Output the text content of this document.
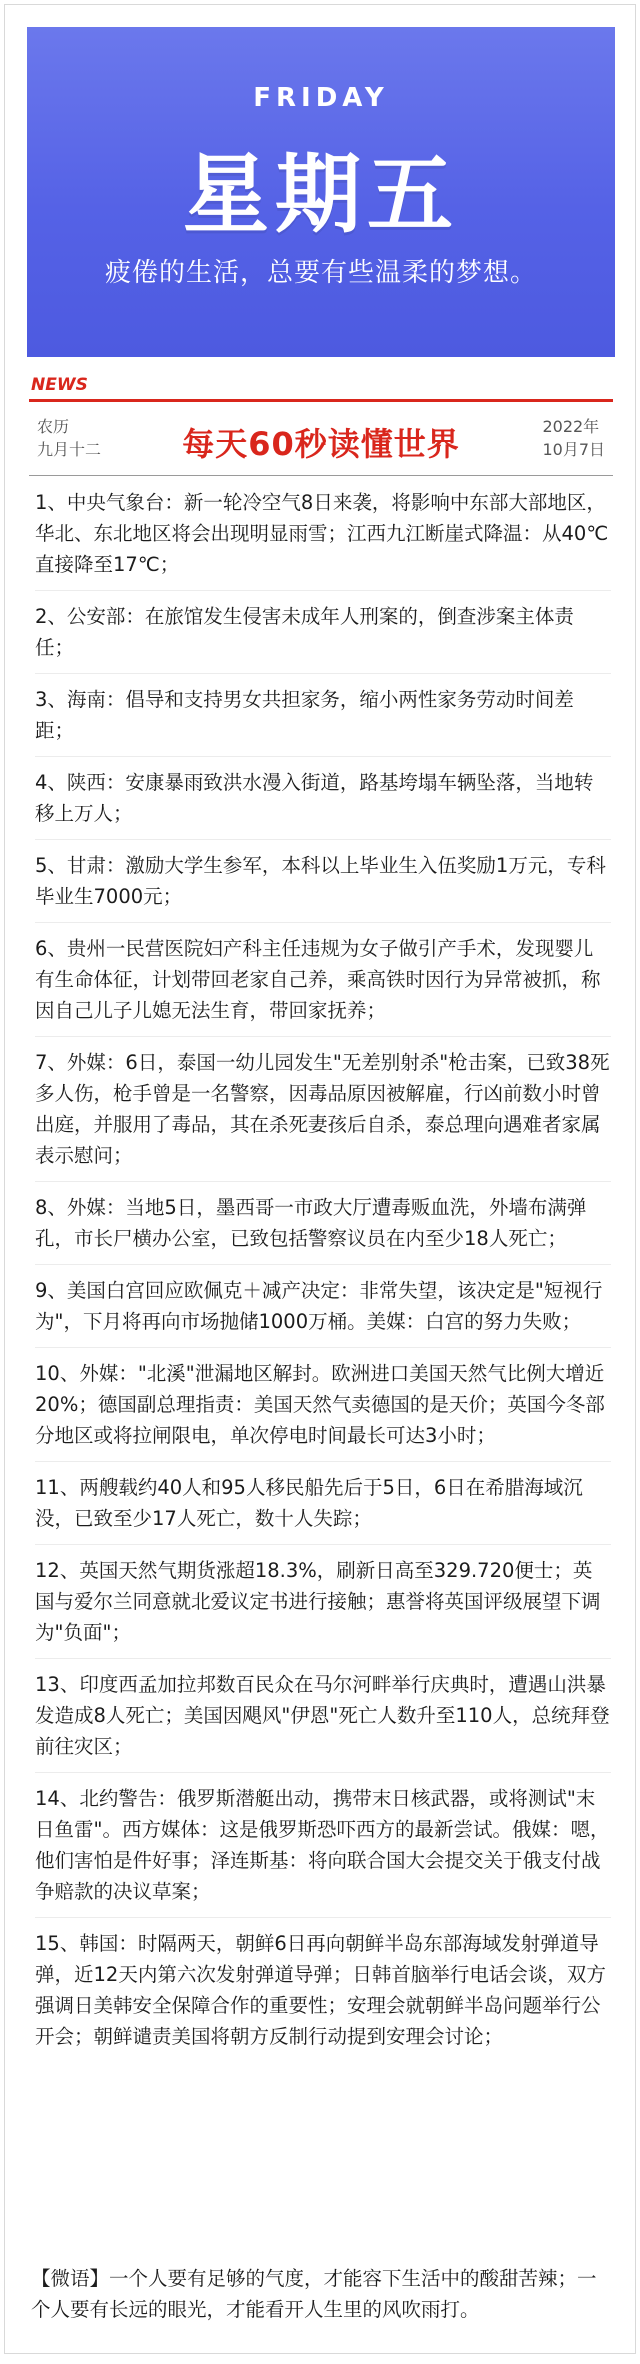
FRIDAY
星期五
疲倦的生活，总要有些温柔的梦想。
NEWS
农历
九月十二	每天60秒读懂世界	2022年
10月7日

1、中央气象台：新一轮冷空气8日来袭，将影响中东部大部地区，华北、东北地区将会出现明显雨雪；江西九江断崖式降温：从40℃直接降至17℃；

2、公安部：在旅馆发生侵害未成年人刑案的，倒查涉案主体责任；

3、海南：倡导和支持男女共担家务，缩小两性家务劳动时间差距；

4、陕西：安康暴雨致洪水漫入街道，路基垮塌车辆坠落，当地转移上万人；

5、甘肃：激励大学生参军，本科以上毕业生入伍奖励1万元，专科毕业生7000元；

6、贵州一民营医院妇产科主任违规为女子做引产手术，发现婴儿有生命体征，计划带回老家自己养，乘高铁时因行为异常被抓，称因自己儿子儿媳无法生育，带回家抚养；

7、外媒：6日，泰国一幼儿园发生"无差别射杀"枪击案，已致38死多人伤，枪手曾是一名警察，因毒品原因被解雇，行凶前数小时曾出庭，并服用了毒品，其在杀死妻孩后自杀，泰总理向遇难者家属表示慰问；

8、外媒：当地5日，墨西哥一市政大厅遭毒贩血洗，外墙布满弹孔，市长尸横办公室，已致包括警察议员在内至少18人死亡；

9、美国白宫回应欧佩克＋减产决定：非常失望，该决定是"短视行为"，下月将再向市场抛储1000万桶。美媒：白宫的努力失败；

10、外媒："北溪"泄漏地区解封。欧洲进口美国天然气比例大增近20%；德国副总理指责：美国天然气卖德国的是天价；英国今冬部分地区或将拉闸限电，单次停电时间最长可达3小时；

11、两艘载约40人和95人移民船先后于5日，6日在希腊海域沉没，已致至少17人死亡，数十人失踪；

12、英国天然气期货涨超18.3%，刷新日高至329.720便士；英国与爱尔兰同意就北爱议定书进行接触；惠誉将英国评级展望下调为"负面"；

13、印度西孟加拉邦数百民众在马尔河畔举行庆典时，遭遇山洪暴发造成8人死亡；美国因飓风"伊恩"死亡人数升至110人，总统拜登前往灾区；

14、北约警告：俄罗斯潜艇出动，携带末日核武器，或将测试"末日鱼雷"。西方媒体：这是俄罗斯恐吓西方的最新尝试。俄媒：嗯，他们害怕是件好事；泽连斯基：将向联合国大会提交关于俄支付战争赔款的决议草案；

15、韩国：时隔两天，朝鲜6日再向朝鲜半岛东部海域发射弹道导弹，近12天内第六次发射弹道导弹；日韩首脑举行电话会谈，双方强调日美韩安全保障合作的重要性；安理会就朝鲜半岛问题举行公开会；朝鲜谴责美国将朝方反制行动提到安理会讨论；

【微语】一个人要有足够的气度，才能容下生活中的酸甜苦辣；一个人要有长远的眼光，才能看开人生里的风吹雨打。
